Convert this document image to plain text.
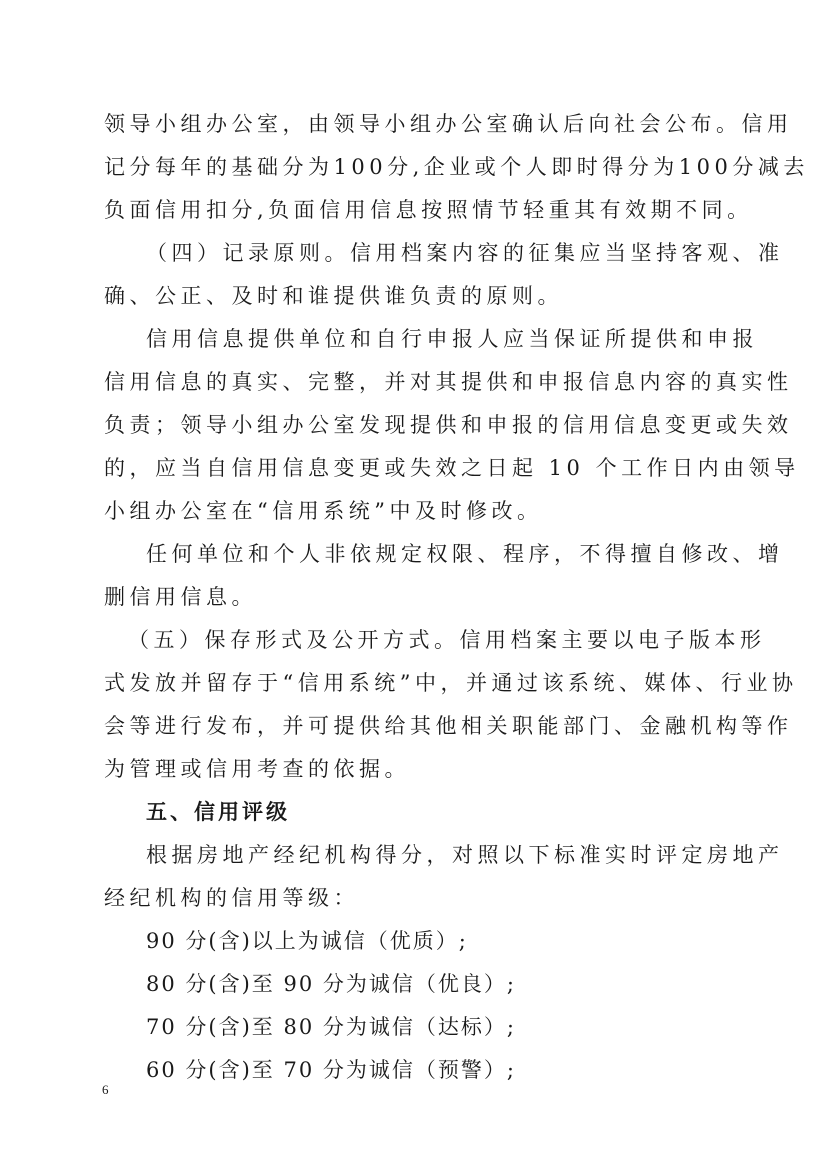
领导小组办公室，由领导小组办公室确认后向社会公布。信用
记分每年的基础分为100分,企业或个人即时得分为100分减去
负面信用扣分,负面信用信息按照情节轻重其有效期不同。
（四）记录原则。信用档案内容的征集应当坚持客观、准
确、公正、及时和谁提供谁负责的原则。
信用信息提供单位和自行申报人应当保证所提供和申报
信用信息的真实、完整，并对其提供和申报信息内容的真实性
负责；领导小组办公室发现提供和申报的信用信息变更或失效
的，应当自信用信息变更或失效之日起 10 个工作日内由领导
小组办公室在“信用系统”中及时修改。
任何单位和个人非依规定权限、程序，不得擅自修改、增
删信用信息。
（五）保存形式及公开方式。信用档案主要以电子版本形
式发放并留存于“信用系统”中，并通过该系统、媒体、行业协
会等进行发布，并可提供给其他相关职能部门、金融机构等作
为管理或信用考查的依据。
五、信用评级
根据房地产经纪机构得分，对照以下标准实时评定房地产
经纪机构的信用等级：
90 分(含)以上为诚信（优质）;
80 分(含)至 90 分为诚信（优良）;
70 分(含)至 80 分为诚信（达标）;
60 分(含)至 70 分为诚信（预警）;
6
